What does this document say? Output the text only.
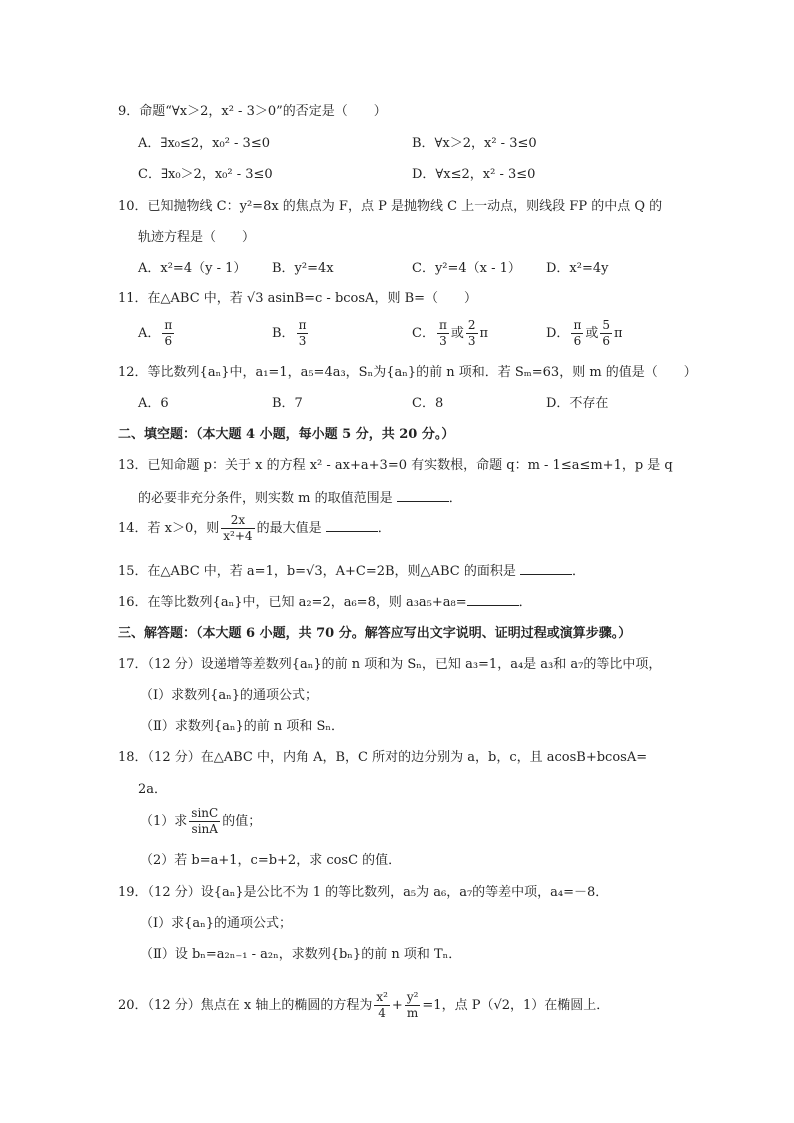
9．命题“∀x＞2，x² - 3＞0”的否定是（　　）
A．∃x₀≤2，x₀² - 3≤0	B．∀x＞2，x² - 3≤0
C．∃x₀＞2，x₀² - 3≤0	D．∀x≤2，x² - 3≤0
10．已知抛物线 C：y²=8x 的焦点为 F，点 P 是抛物线 C 上一动点，则线段 FP 的中点 Q 的
轨迹方程是（　　）
A．x²=4（y - 1） B．y²=4x	C．y²=4（x - 1） D．x²=4y
11．在△ABC 中，若 √3 asinB=c - bcosA，则 B=（　　）
A． $\frac{\pi}{6}$	B． $\frac{\pi}{3}$	C． $\frac{\pi}{3}$ 或 $\frac{2}{3}$ π	D． $\frac{\pi}{6}$ 或 $\frac{5}{6}$ π
12．等比数列{aₙ}中，a₁=1，a₅=4a₃，Sₙ为{aₙ}的前 n 项和．若 Sₘ=63，则 m 的值是（　　）
A．6	B．7	C．8	D．不存在
二、填空题：（本大题 4 小题，每小题 5 分，共 20 分。）
13．已知命题 p：关于 x 的方程 x² - ax+a+3=0 有实数根，命题 q：m - 1≤a≤m+1，p 是 q
的必要非充分条件，则实数 m 的取值范围是	．
14．若 x＞0，则 $\frac{2x}{\text{x²+4}}$ 的最大值是	．
15．在△ABC 中，若 a=1，b=√3，A+C=2B，则△ABC 的面积是	．
16．在等比数列{aₙ}中，已知 a₂=2，a₆=8，则 a₃a₅+a₈=	．
三、解答题：（本大题 6 小题，共 70 分。解答应写出文字说明、证明过程或演算步骤。）
17．（12 分）设递增等差数列{aₙ}的前 n 项和为 Sₙ，已知 a₃=1，a₄是 a₃和 a₇的等比中项，
（Ⅰ）求数列{aₙ}的通项公式；
（Ⅱ）求数列{aₙ}的前 n 项和 Sₙ．
18．（12 分）在△ABC 中，内角 A，B，C 所对的边分别为 a，b，c，且 acosB+bcosA=
2a．
（1）求 $\frac{\sin C}{\sin A}$ 的值；
（2）若 b=a+1，c=b+2，求 cosC 的值．
19．（12 分）设{aₙ}是公比不为 1 的等比数列，a₅为 a₆，a₇的等差中项，a₄=－8．
（Ⅰ）求{aₙ}的通项公式；
（Ⅱ）设 bₙ=a₂ₙ₋₁ - a₂ₙ，求数列{bₙ}的前 n 项和 Tₙ．
20．（12 分）焦点在 x 轴上的椭圆的方程为 $\frac{\text{x²}}{4} + \frac{\text{y²}}{m} =1$，点 P（√2，1）在椭圆上．
